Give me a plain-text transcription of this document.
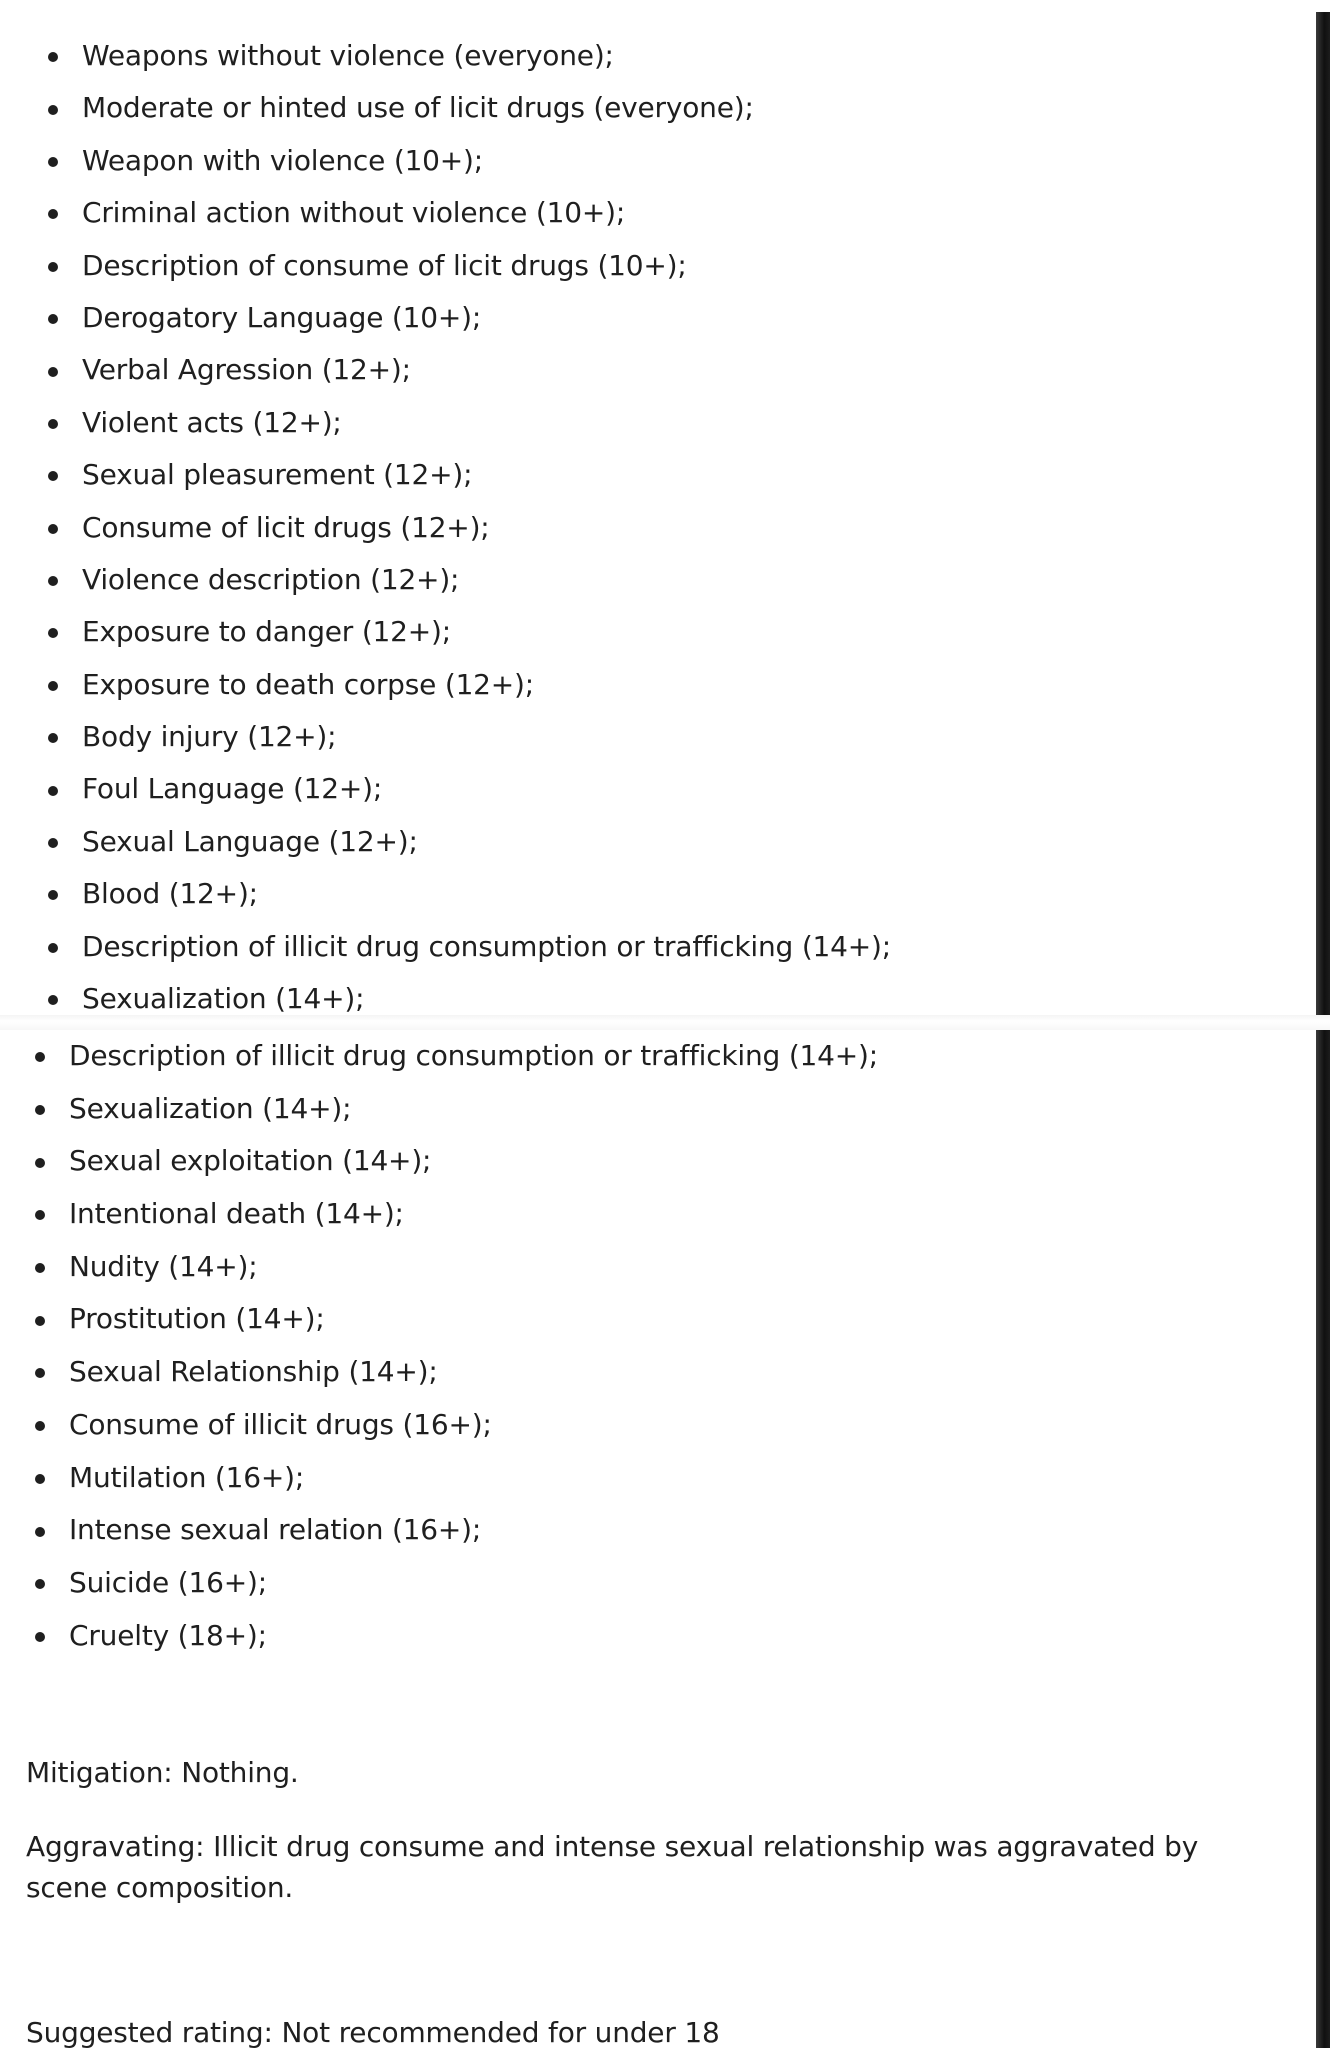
Weapons without violence (everyone);
Moderate or hinted use of licit drugs (everyone);
Weapon with violence (10+);
Criminal action without violence (10+);
Description of consume of licit drugs (10+);
Derogatory Language (10+);
Verbal Agression (12+);
Violent acts (12+);
Sexual pleasurement (12+);
Consume of licit drugs (12+);
Violence description (12+);
Exposure to danger (12+);
Exposure to death corpse (12+);
Body injury (12+);
Foul Language (12+);
Sexual Language (12+);
Blood (12+);
Description of illicit drug consumption or trafficking (14+);
Sexualization (14+);
Description of illicit drug consumption or trafficking (14+);
Sexualization (14+);
Sexual exploitation (14+);
Intentional death (14+);
Nudity (14+);
Prostitution (14+);
Sexual Relationship (14+);
Consume of illicit drugs (16+);
Mutilation (16+);
Intense sexual relation (16+);
Suicide (16+);
Cruelty (18+);

Mitigation: Nothing.

Aggravating: Illicit drug consume and intense sexual relationship was aggravated by scene composition.

Suggested rating: Not recommended for under 18
